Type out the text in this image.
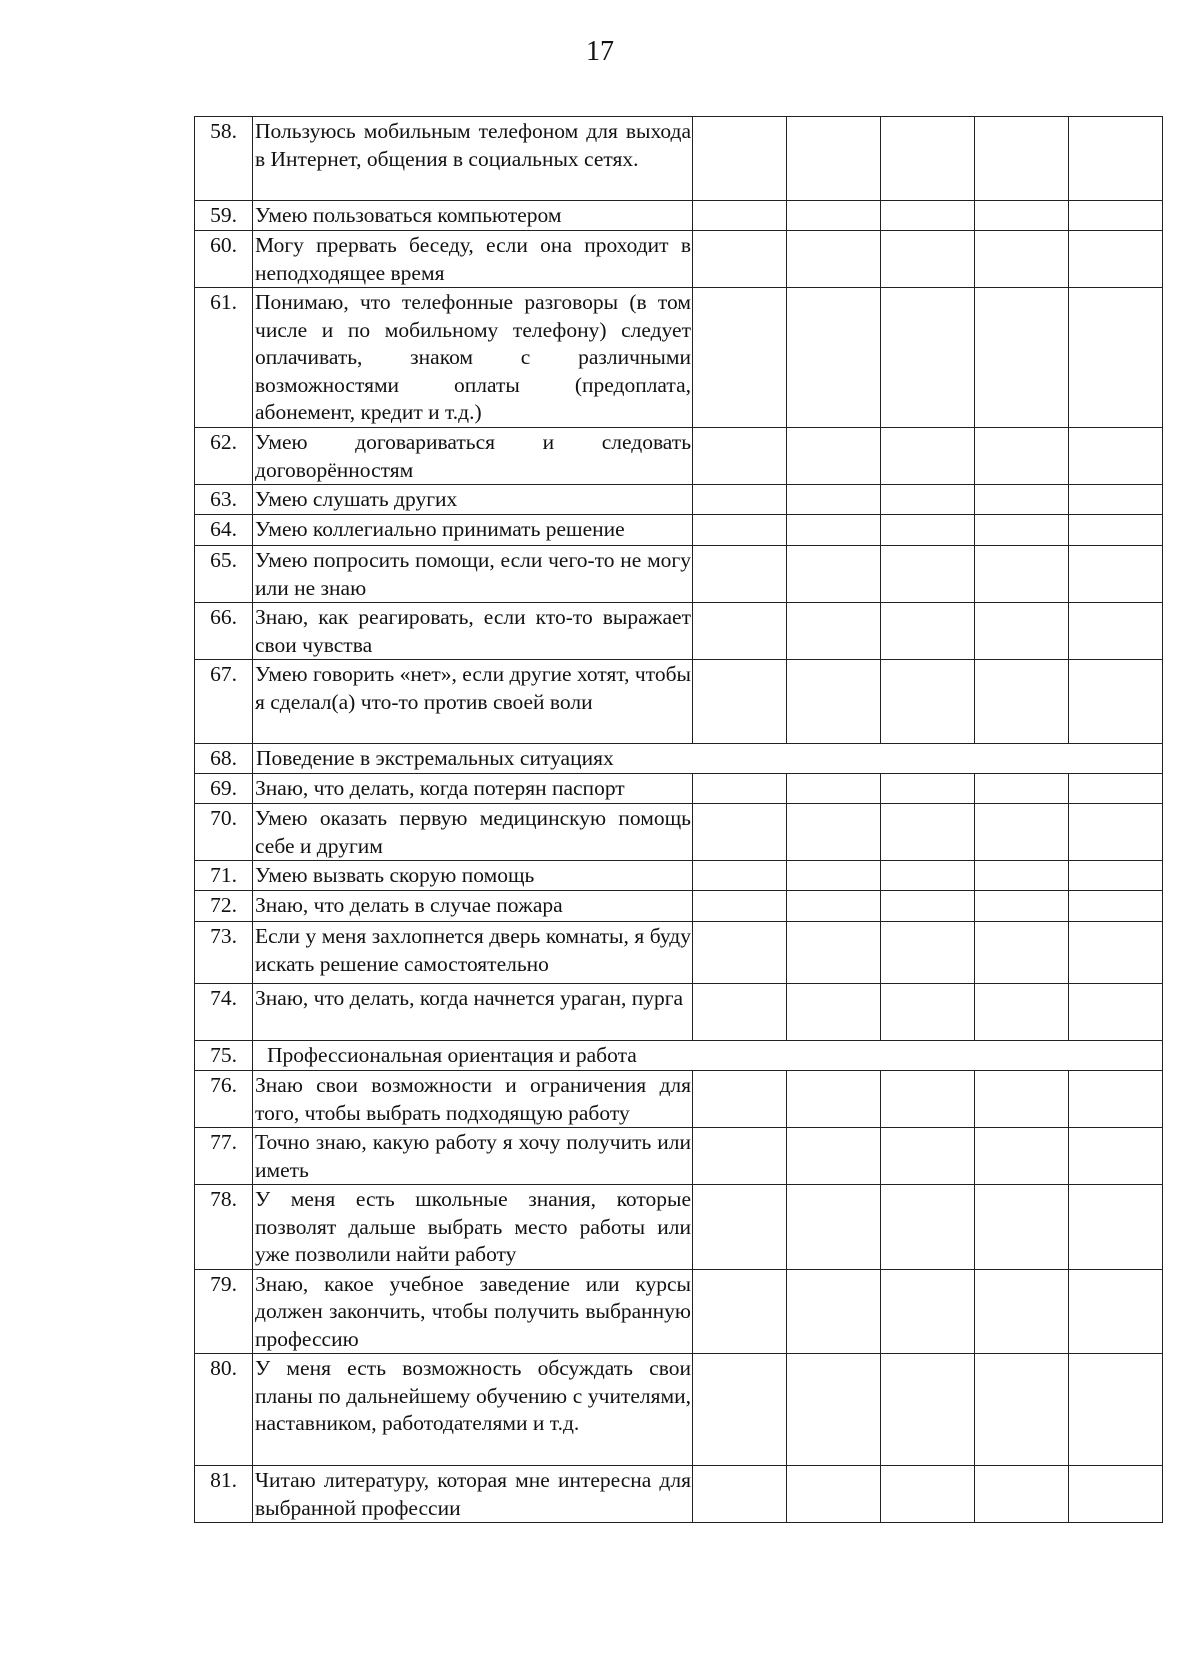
17
58.	Пользуюсь мобильным телефоном для выхода в Интернет, общения в социальных сетях.					
59.	Умею пользоваться компьютером					
60.	Могу прервать беседу, если она проходит в неподходящее время					
61.	Понимаю, что телефонные разговоры (в том числе и по мобильному телефону) следует оплачивать, знаком с различными возможностями оплаты (предоплата, абонемент, кредит и т.д.)					
62.	Умею договариваться и следовать договорённостям					
63.	Умею слушать других					
64.	Умею коллегиально принимать решение					
65.	Умею попросить помощи, если чего-то не могу или не знаю					
66.	Знаю, как реагировать, если кто-то выражает свои чувства					
67.	Умею говорить «нет», если другие хотят, чтобы я сделал(а) что-то против своей воли					
68.	Поведение в экстремальных ситуациях					
69.	Знаю, что делать, когда потерян паспорт					
70.	Умею оказать первую медицинскую помощь себе и другим					
71.	Умею вызвать скорую помощь					
72.	Знаю, что делать в случае пожара					
73.	Если у меня захлопнется дверь комнаты, я буду искать решение самостоятельно					
74.	Знаю, что делать, когда начнется ураган, пурга					
75.	Профессиональная ориентация и работа					
76.	Знаю свои возможности и ограничения для того, чтобы выбрать подходящую работу					
77.	Точно знаю, какую работу я хочу получить или иметь					
78.	У меня есть школьные знания, которые позволят дальше выбрать место работы или уже позволили найти работу					
79.	Знаю, какое учебное заведение или курсы должен закончить, чтобы получить выбранную профессию					
80.	У меня есть возможность обсуждать свои планы по дальнейшему обучению с учителями, наставником, работодателями и т.д.					
81.	Читаю литературу, которая мне интересна для выбранной профессии					
